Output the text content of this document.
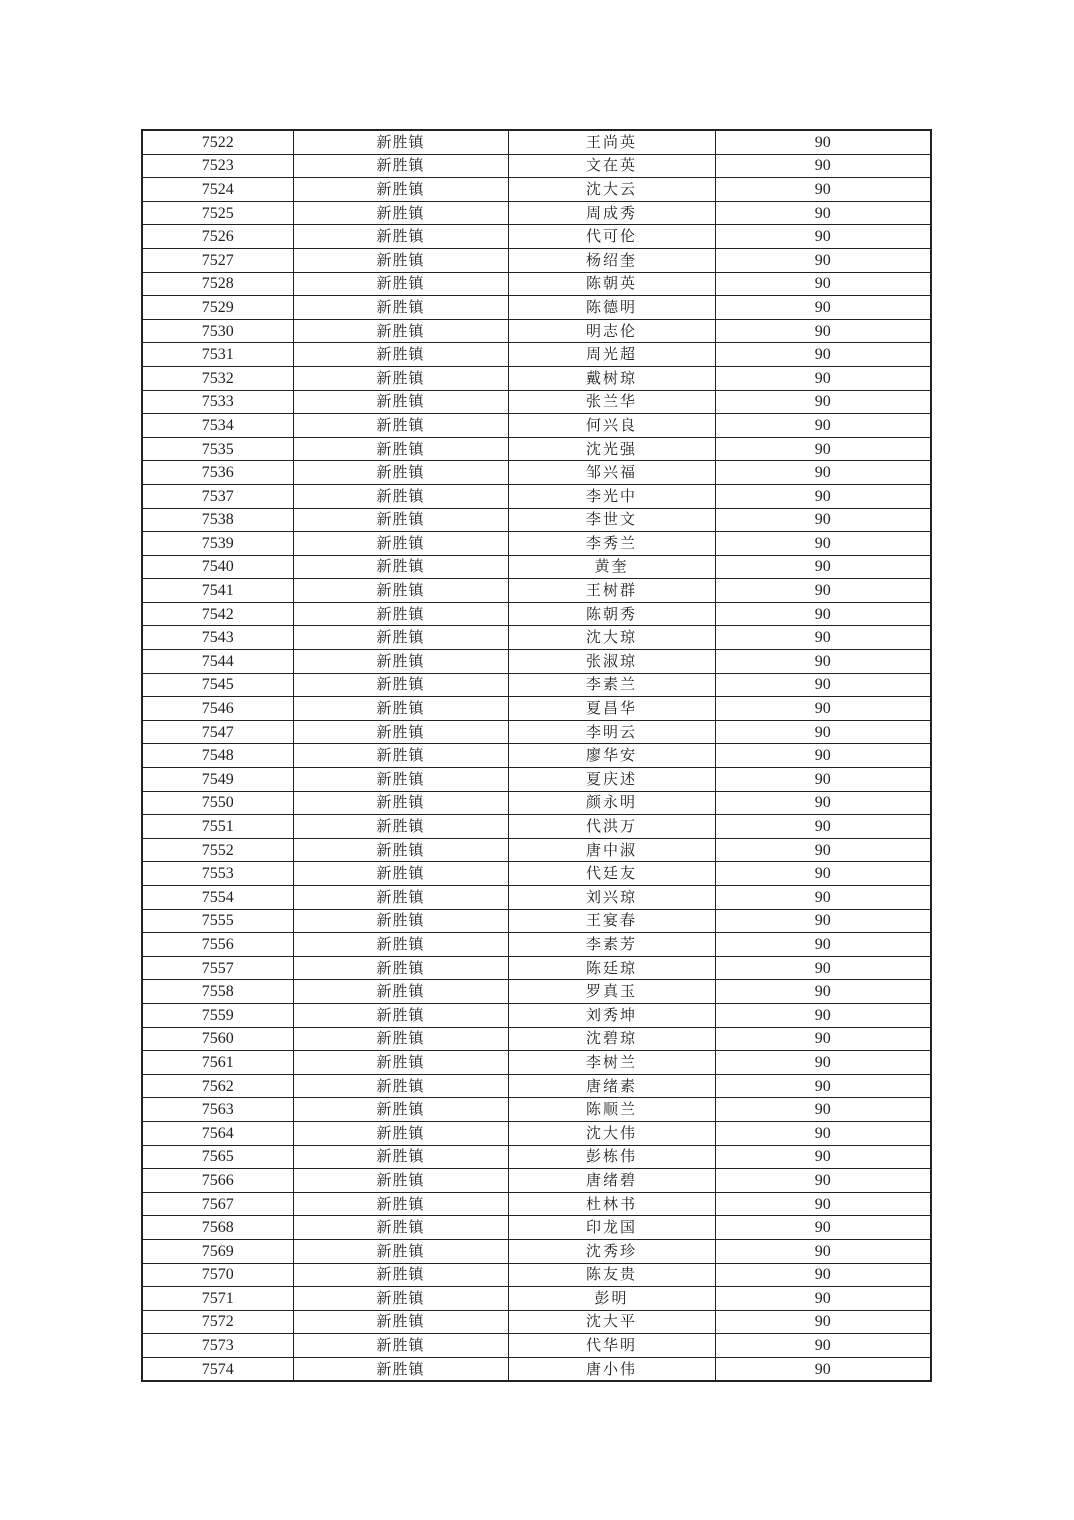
7522	新胜镇	王尚英	90
7523	新胜镇	文在英	90
7524	新胜镇	沈大云	90
7525	新胜镇	周成秀	90
7526	新胜镇	代可伦	90
7527	新胜镇	杨绍奎	90
7528	新胜镇	陈朝英	90
7529	新胜镇	陈德明	90
7530	新胜镇	明志伦	90
7531	新胜镇	周光超	90
7532	新胜镇	戴树琼	90
7533	新胜镇	张兰华	90
7534	新胜镇	何兴良	90
7535	新胜镇	沈光强	90
7536	新胜镇	邹兴福	90
7537	新胜镇	李光中	90
7538	新胜镇	李世文	90
7539	新胜镇	李秀兰	90
7540	新胜镇	黄奎	90
7541	新胜镇	王树群	90
7542	新胜镇	陈朝秀	90
7543	新胜镇	沈大琼	90
7544	新胜镇	张淑琼	90
7545	新胜镇	李素兰	90
7546	新胜镇	夏昌华	90
7547	新胜镇	李明云	90
7548	新胜镇	廖华安	90
7549	新胜镇	夏庆述	90
7550	新胜镇	颜永明	90
7551	新胜镇	代洪万	90
7552	新胜镇	唐中淑	90
7553	新胜镇	代廷友	90
7554	新胜镇	刘兴琼	90
7555	新胜镇	王宴春	90
7556	新胜镇	李素芳	90
7557	新胜镇	陈廷琼	90
7558	新胜镇	罗真玉	90
7559	新胜镇	刘秀坤	90
7560	新胜镇	沈碧琼	90
7561	新胜镇	李树兰	90
7562	新胜镇	唐绪素	90
7563	新胜镇	陈顺兰	90
7564	新胜镇	沈大伟	90
7565	新胜镇	彭栋伟	90
7566	新胜镇	唐绪碧	90
7567	新胜镇	杜林书	90
7568	新胜镇	印龙国	90
7569	新胜镇	沈秀珍	90
7570	新胜镇	陈友贵	90
7571	新胜镇	彭明	90
7572	新胜镇	沈大平	90
7573	新胜镇	代华明	90
7574	新胜镇	唐小伟	90
